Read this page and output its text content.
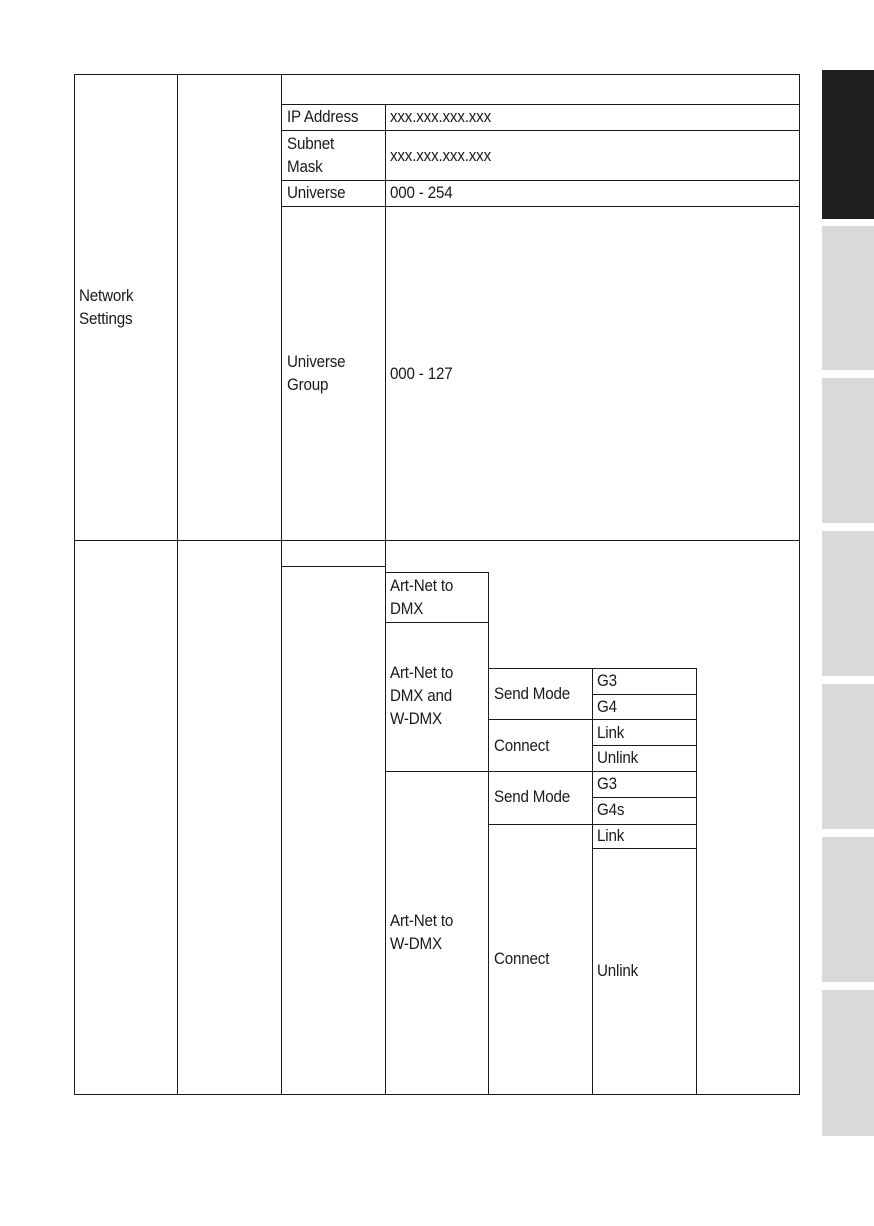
Network
Settings
IP Address xxx.xxx.xxx.xxx
Subnet
Mask
xxx.xxx.xxx.xxx
Universe	000 - 254
Universe
Group
000 - 127
Art-Net to
DMX
Art-Net to
DMX and
W-DMX
Send Mode
G3
G4
Connect
Link
Unlink
Art-Net to
W-DMX
Send Mode
G3
G4s
Connect
Link
Unlink
